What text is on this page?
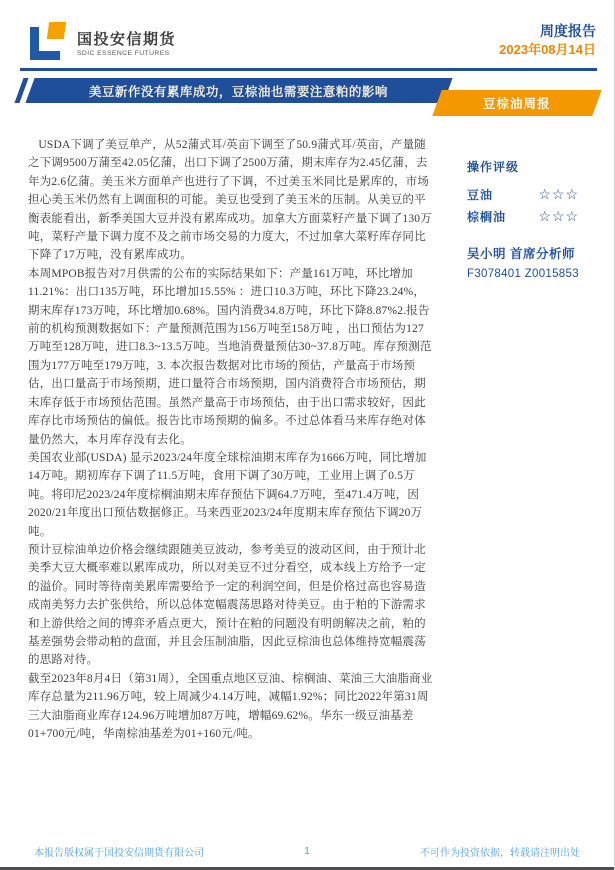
国投安信期货
SDIC ESSENCE FUTURES
周度报告
2023年08月14日
美豆新作没有累库成功，豆棕油也需要注意粕的影响
豆棕油周报

USDA下调了美豆单产，从52蒲式耳/英亩下调至了50.9蒲式耳/英亩，产量随之下调9500万蒲至42.05亿蒲，出口下调了2500万蒲，期末库存为2.45亿蒲，去年为2.6亿蒲。美玉米方面单产也进行了下调，不过美玉米同比是累库的，市场担心美玉米仍然有上调面积的可能。美豆也受到了美玉米的压制。从美豆的平衡表能看出，新季美国大豆并没有累库成功。加拿大方面菜籽产量下调了130万吨，菜籽产量下调力度不及之前市场交易的力度大，不过加拿大菜籽库存同比下降了17万吨，没有累库成功。

本周MPOB报告对7月供需的公布的实际结果如下：产量161万吨，环比增加11.21%：出口135万吨，环比增加15.55% ：进口10.3万吨，环比下降23.24%，期末库存173万吨，环比增加0.68%。国内消费34.8万吨，环比下降8.87%2.报告前的机构预测数据如下：产量预测范围为156万吨至158万吨 ，出口预估为127万吨至128万吨，进口8.3~13.5万吨。当地消费量预估30~37.8万吨。库存预测范围为177万吨至179万吨，3. 本次报告数据对比市场的预估，产量高于市场预估，出口量高于市场预期，进口量符合市场预期，国内消费符合市场预估，期末库存低于市场预估范围。虽然产量高于市场预估，由于出口需求较好，因此库存比市场预估的偏低。报告比市场预期的偏多。不过总体看马来库存绝对体量仍然大，本月库存没有去化。

美国农业部(USDA) 显示2023/24年度全球棕油期末库存为1666万吨，同比增加14万吨。期初库存下调了11.5万吨，食用下调了30万吨，工业用上调了0.5万吨。将印尼2023/24年度棕榈油期末库存预估下调64.7万吨，至471.4万吨，因2020/21年度出口预估数据修正。马来西亚2023/24年度期末库存预估下调20万吨。

预计豆棕油单边价格会继续跟随美豆波动，参考美豆的波动区间，由于预计北美季大豆大概率难以累库成功，所以对美豆不过分看空，成本线上方给予一定的溢价。同时等待南美累库需要给予一定的利润空间，但是价格过高也容易造成南美努力去扩张供给，所以总体宽幅震荡思路对待美豆。由于粕的下游需求和上游供给之间的博弈矛盾点更大，预计在粕的问题没有明朗解决之前，粕的基差强势会带动粕的盘面，并且会压制油脂，因此豆棕油也总体维持宽幅震荡的思路对待。

截至2023年8月4日（第31周），全国重点地区豆油、棕榈油、菜油三大油脂商业库存总量为211.96万吨，较上周减少4.14万吨，减幅1.92%；同比2022年第31周三大油脂商业库存124.96万吨增加87万吨，增幅69.62%。华东一级豆油基差01+700元/吨，华南棕油基差为01+160元/吨。

操作评级
豆油	☆☆☆
棕榈油 ☆☆☆
吴小明 首席分析师
F3078401 Z0015853
本报告版权属于国投安信期货有限公司	1	不可作为投资依据，转载请注明出处
